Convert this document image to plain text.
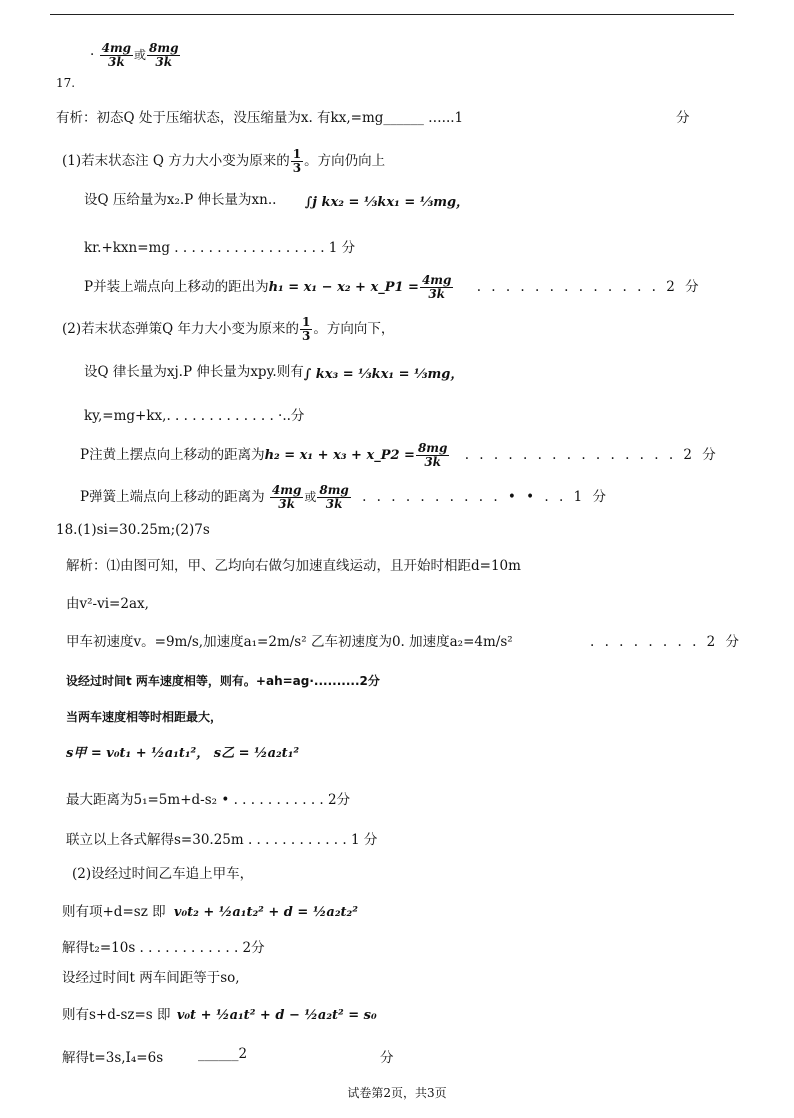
· $\frac{4mg}{3k}$ 或 $\frac{8mg}{3k}$
17.
有析：初态Q 处于压缩状态，没压缩量为x. 有kx,=mg______ …...1	分
(1)若末状态注 Q 方力大小变为原来的 $\frac{1}{3}$ 。方向仍向上
设Q 压给量为x₂.P 伸长量为xn.. ∫j kx₂ = ⅓kx₁ = ⅓mg，
kr.+kxn=mg . . . . . . . . . . . . . . . . . . 1 分
P并装上端点向上移动的距出为h₁ = x₁ − x₂ + x_P1 = $\frac{4mg}{3k}$ . . . . . . . . . . . . . 2 分
(2)若末状态弹策Q 年力大小变为原来的 $\frac{1}{3}$ 。方向向下，
设Q 律长量为xj.P 伸长量为xpy.则有∫ kx₃ = ⅓kx₁ = ⅓mg，
ky,=mg+kx,. . . . . . . . . . . . . ·..分
P注黄上摆点向上移动的距离为h₂ = x₁ + x₃ + x_P2 = $\frac{8mg}{3k}$ . . . . . . . . . . . . . . . 2 分
P弹簧上端点向上移动的距离为 $\frac{4mg}{3k}$ 或 $\frac{8mg}{3k}$ . . . . . . . . . . • • . . 1 分
18.(1)si=30.25m;(2)7s
解析：⑴由图可知，甲、乙均向右做匀加速直线运动，且开始时相距d=10m
由v²-vi=2ax,
甲车初速度v。=9m/s,加速度a₁=2m/s² 乙车初速度为0. 加速度a₂=4m/s²	. . . . . . . . 2 分
设经过时间t 两车速度相等，则有。+ah=ag·..........2分
当两车速度相等时相距最大，
s甲 = v₀t₁ + ½a₁t₁²， s乙 = ½a₂t₁²
最大距离为5₁=5m+d-s₂ • . . . . . . . . . . . 2分
联立以上各式解得s=30.25m . . . . . . . . . . . . 1 分
(2)设经过时间乙车追上甲车，
则有项+d=sz 即 v₀t₂ + ½a₁t₂² + d = ½a₂t₂²
解得t₂=10s . . . . . . . . . . . . 2分
设经过时间t 两车间距等于so,
则有s+d-sz=s 即 v₀t + ½a₁t² + d − ½a₂t² = s₀
解得t=3s,I₄=6s	______2	分
试卷第2页，共3页
